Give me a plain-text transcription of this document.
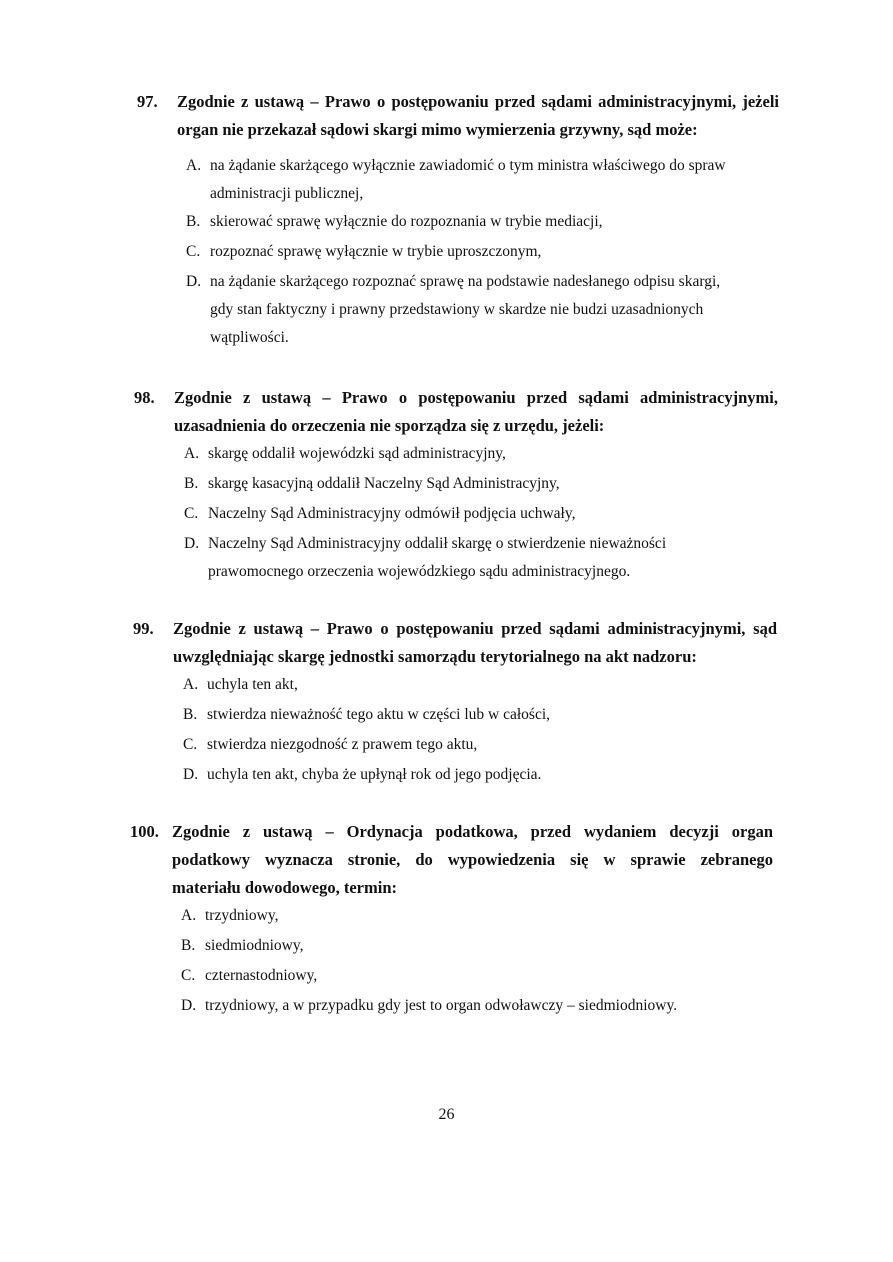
97. Zgodnie z ustawą – Prawo o postępowaniu przed sądami administracyjnymi, jeżeli
organ nie przekazał sądowi skargi mimo wymierzenia grzywny, sąd może:
A. na żądanie skarżącego wyłącznie zawiadomić o tym ministra właściwego do spraw
administracji publicznej,
B. skierować sprawę wyłącznie do rozpoznania w trybie mediacji,
C. rozpoznać sprawę wyłącznie w trybie uproszczonym,
D. na żądanie skarżącego rozpoznać sprawę na podstawie nadesłanego odpisu skargi,
gdy stan faktyczny i prawny przedstawiony w skardze nie budzi uzasadnionych
wątpliwości.
98. Zgodnie z ustawą – Prawo o postępowaniu przed sądami administracyjnymi,
uzasadnienia do orzeczenia nie sporządza się z urzędu, jeżeli:
A. skargę oddalił wojewódzki sąd administracyjny,
B. skargę kasacyjną oddalił Naczelny Sąd Administracyjny,
C. Naczelny Sąd Administracyjny odmówił podjęcia uchwały,
D. Naczelny Sąd Administracyjny oddalił skargę o stwierdzenie nieważności
prawomocnego orzeczenia wojewódzkiego sądu administracyjnego.
99. Zgodnie z ustawą – Prawo o postępowaniu przed sądami administracyjnymi, sąd
uwzględniając skargę jednostki samorządu terytorialnego na akt nadzoru:
A. uchyla ten akt,
B. stwierdza nieważność tego aktu w części lub w całości,
C. stwierdza niezgodność z prawem tego aktu,
D. uchyla ten akt, chyba że upłynął rok od jego podjęcia.
100. Zgodnie z ustawą – Ordynacja podatkowa, przed wydaniem decyzji organ
podatkowy wyznacza stronie, do wypowiedzenia się w sprawie zebranego
materiału dowodowego, termin:
A. trzydniowy,
B. siedmiodniowy,
C. czternastodniowy,
D. trzydniowy, a w przypadku gdy jest to organ odwoławczy – siedmiodniowy.
26
